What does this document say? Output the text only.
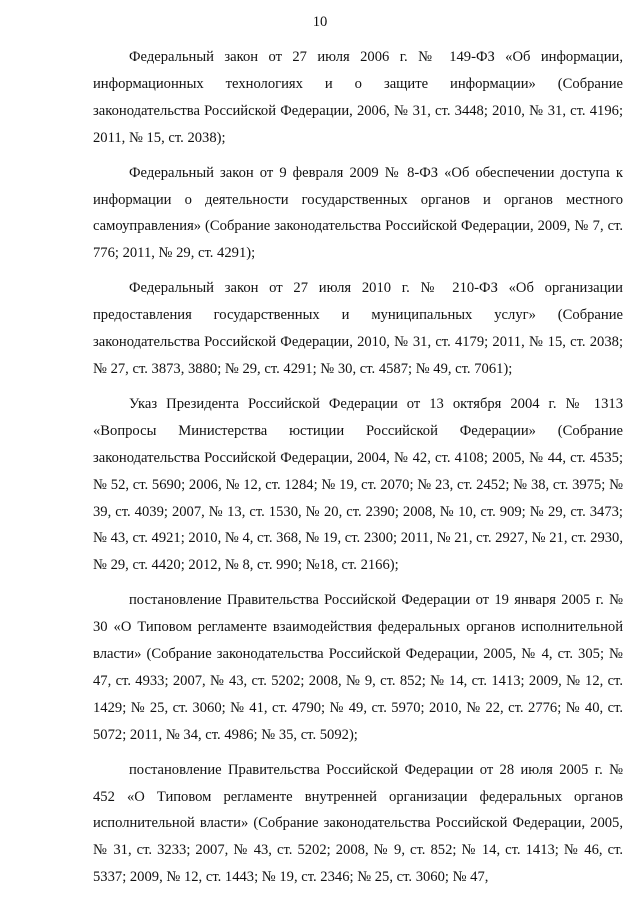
10

Федеральный закон от 27 июля 2006 г. № 149-ФЗ «Об информации, информационных технологиях и о защите информации» (Собрание законодательства Российской Федерации, 2006, № 31, ст. 3448; 2010, № 31, ст. 4196; 2011, № 15, ст. 2038);

Федеральный закон от 9 февраля 2009 № 8-ФЗ «Об обеспечении доступа к информации о деятельности государственных органов и органов местного самоуправления» (Собрание законодательства Российской Федерации, 2009, № 7, ст. 776; 2011, № 29, ст. 4291);

Федеральный закон от 27 июля 2010 г. № 210-ФЗ «Об организации предоставления государственных и муниципальных услуг» (Собрание законодательства Российской Федерации, 2010, № 31, ст. 4179; 2011, № 15, ст. 2038; № 27, ст. 3873, 3880; № 29, ст. 4291; № 30, ст. 4587; № 49, ст. 7061);

Указ Президента Российской Федерации от 13 октября 2004 г. № 1313 «Вопросы Министерства юстиции Российской Федерации» (Собрание законодательства Российской Федерации, 2004, № 42, ст. 4108; 2005, № 44, ст. 4535; № 52, ст. 5690; 2006, № 12, ст. 1284; № 19, ст. 2070; № 23, ст. 2452; № 38, ст. 3975; № 39, ст. 4039; 2007, № 13, ст. 1530, № 20, ст. 2390; 2008, № 10, ст. 909; № 29, ст. 3473; № 43, ст. 4921; 2010, № 4, ст. 368, № 19, ст. 2300; 2011, № 21, ст. 2927, № 21, ст. 2930, № 29, ст. 4420; 2012, № 8, ст. 990; №18, ст. 2166);

постановление Правительства Российской Федерации от 19 января 2005 г. № 30 «О Типовом регламенте взаимодействия федеральных органов исполнительной власти» (Собрание законодательства Российской Федерации, 2005, № 4, ст. 305; № 47, ст. 4933; 2007, № 43, ст. 5202; 2008, № 9, ст. 852; № 14, ст. 1413; 2009, № 12, ст. 1429; № 25, ст. 3060; № 41, ст. 4790; № 49, ст. 5970; 2010, № 22, ст. 2776; № 40, ст. 5072; 2011, № 34, ст. 4986; № 35, ст. 5092);

постановление Правительства Российской Федерации от 28 июля 2005 г. № 452 «О Типовом регламенте внутренней организации федеральных органов исполнительной власти» (Собрание законодательства Российской Федерации, 2005, № 31, ст. 3233; 2007, № 43, ст. 5202; 2008, № 9, ст. 852; № 14, ст. 1413; № 46, ст. 5337; 2009, № 12, ст. 1443; № 19, ст. 2346; № 25, ст. 3060; № 47,
